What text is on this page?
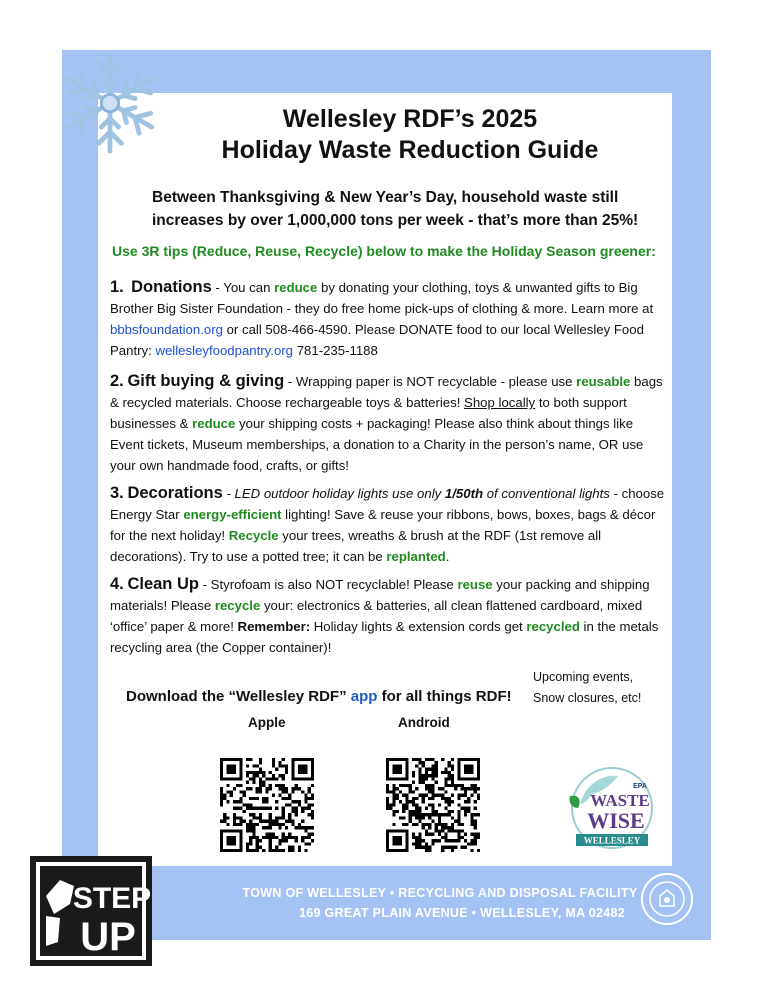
Wellesley RDF’s 2025
Holiday Waste Reduction Guide
Between Thanksgiving & New Year’s Day, household waste still
increases by over 1,000,000 tons per week - that’s more than 25%!
Use 3R tips (Reduce, Reuse, Recycle) below to make the Holiday Season greener:
1. Donations - You can reduce by donating your clothing, toys & unwanted gifts to Big Brother Big Sister Foundation - they do free home pick-ups of clothing & more. Learn more at bbbsfoundation.org or call 508-466-4590. Please DONATE food to our local Wellesley Food Pantry: wellesleyfoodpantry.org 781-235-1188
2. Gift buying & giving - Wrapping paper is NOT recyclable - please use reusable bags & recycled materials. Choose rechargeable toys & batteries! Shop locally to both support businesses & reduce your shipping costs + packaging! Please also think about things like Event tickets, Museum memberships, a donation to a Charity in the person’s name, OR use your own handmade food, crafts, or gifts!
3. Decorations - LED outdoor holiday lights use only 1/50th of conventional lights - choose Energy Star energy-efficient lighting! Save & reuse your ribbons, bows, boxes, bags & décor for the next holiday! Recycle your trees, wreaths & brush at the RDF (1st remove all decorations). Try to use a potted tree; it can be replanted.
4. Clean Up - Styrofoam is also NOT recyclable! Please reuse your packing and shipping materials! Please recycle your: electronics & batteries, all clean flattened cardboard, mixed ‘office’ paper & more! Remember: Holiday lights & extension cords get recycled in the metals recycling area (the Copper container)!
Download the “Wellesley RDF” app for all things RDF!
Upcoming events,
Snow closures, etc!
Apple	Android
EPA
WASTE
WISE
WELLESLEY
STEP
UP
TOWN OF WELLESLEY • RECYCLING AND DISPOSAL FACILITY
169 GREAT PLAIN AVENUE • WELLESLEY, MA 02482
